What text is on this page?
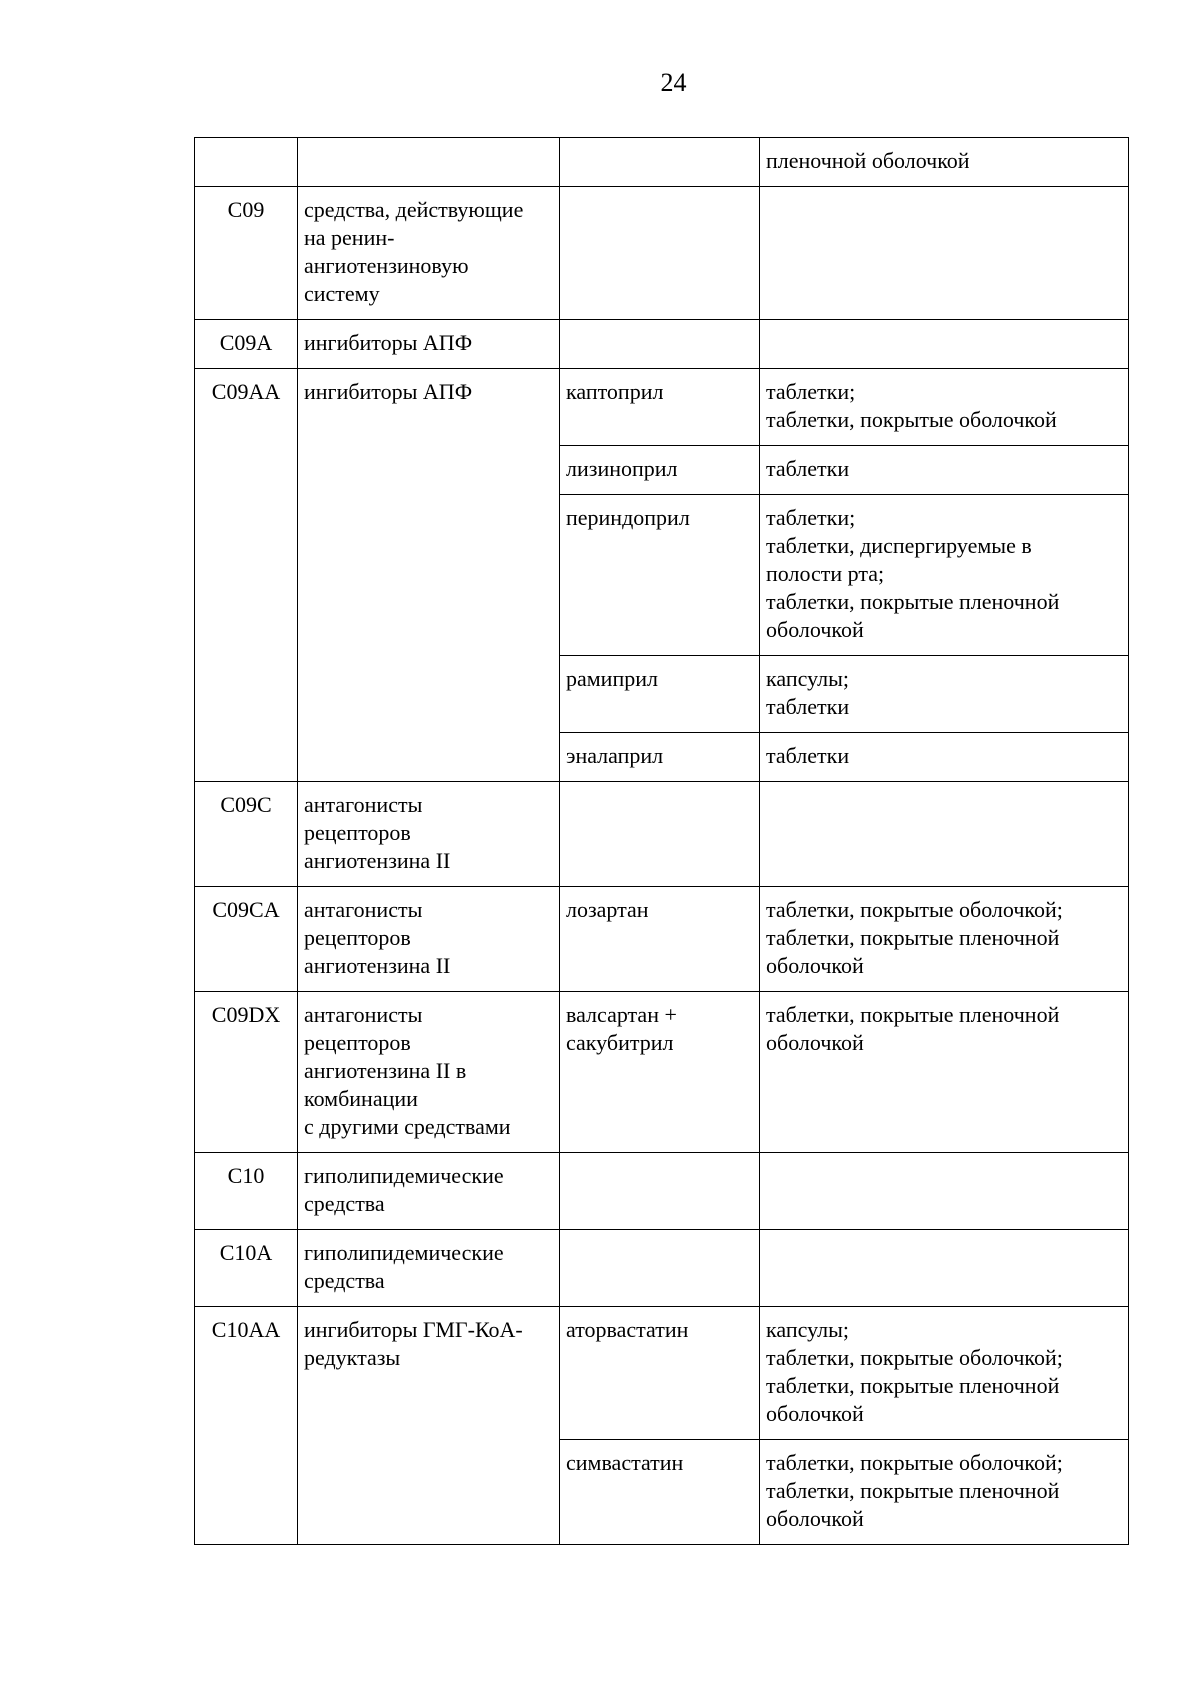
24
			пленочной оболочкой
C09	средства, действующие
на ренин-
ангиотензиновую
систему		
C09A	ингибиторы АПФ		
C09AA	ингибиторы АПФ	каптоприл	таблетки;
таблетки, покрытые оболочкой
		лизиноприл	таблетки
		периндоприл	таблетки;
таблетки, диспергируемые в
полости рта;
таблетки, покрытые пленочной
оболочкой
		рамиприл	капсулы;
таблетки
		эналаприл	таблетки
C09C	антагонисты
рецепторов
ангиотензина II		
C09CA	антагонисты
рецепторов
ангиотензина II	лозартан	таблетки, покрытые оболочкой;
таблетки, покрытые пленочной
оболочкой
C09DX	антагонисты
рецепторов
ангиотензина II в
комбинации
с другими средствами	валсартан +
сакубитрил	таблетки, покрытые пленочной
оболочкой
C10	гиполипидемические
средства		
C10A	гиполипидемические
средства		
C10AA	ингибиторы ГМГ-КоА-
редуктазы	аторвастатин	капсулы;
таблетки, покрытые оболочкой;
таблетки, покрытые пленочной
оболочкой
		симвастатин	таблетки, покрытые оболочкой;
таблетки, покрытые пленочной
оболочкой
